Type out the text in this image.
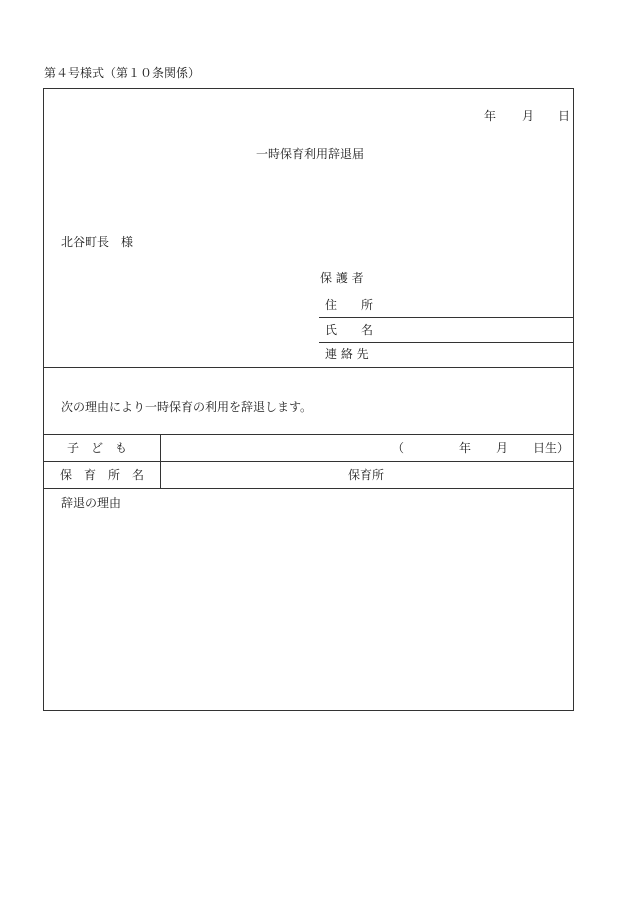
第４号様式（第１０条関係）
年 月 日
一時保育利用辞退届
北谷町長　様
保 護 者
住　　所
氏　　名
連 絡 先
次の理由により一時保育の利用を辞退します。
子　ど　も	（	年 月 日生）
保　育　所　名	保育所
辞退の理由
